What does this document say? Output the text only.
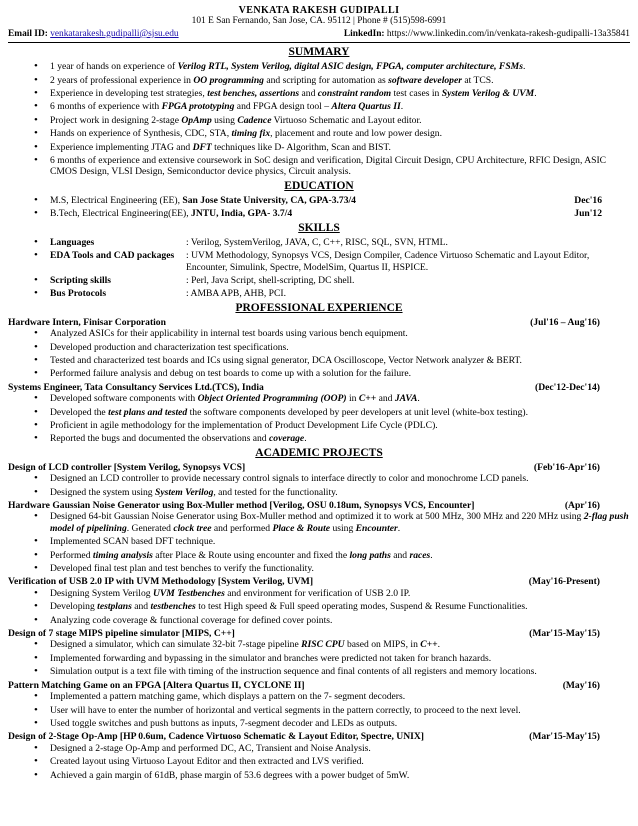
VENKATA RAKESH GUDIPALLI
101 E San Fernando, San Jose, CA. 95112 | Phone # (515)598-6991
Email ID: venkatarakesh.gudipalli@sjsu.edu	LinkedIn: https://www.linkedin.com/in/venkata-rakesh-gudipalli-13a35841
SUMMARY
• 1 year of hands on experience of Verilog RTL, System Verilog, digital ASIC design, FPGA, computer architecture, FSMs.
• 2 years of professional experience in OO programming and scripting for automation as software developer at TCS.
• Experience in developing test strategies, test benches, assertions and constraint random test cases in System Verilog & UVM.
• 6 months of experience with FPGA prototyping and FPGA design tool – Altera Quartus II.
• Project work in designing 2-stage OpAmp using Cadence Virtuoso Schematic and Layout editor.
• Hands on experience of Synthesis, CDC, STA, timing fix, placement and route and low power design.
• Experience implementing JTAG and DFT techniques like D- Algorithm, Scan and BIST.
• 6 months of experience and extensive coursework in SoC design and verification, Digital Circuit Design, CPU Architecture, RFIC Design, ASIC CMOS Design, VLSI Design, Semiconductor device physics, Circuit analysis.
EDUCATION
• M.S, Electrical Engineering (EE), San Jose State University, CA, GPA-3.73/4	Dec'16
• B.Tech, Electrical Engineering(EE), JNTU, India, GPA- 3.7/4	Jun'12
SKILLS
• Languages	: Verilog, SystemVerilog, JAVA, C, C++, RISC, SQL, SVN, HTML.
• EDA Tools and CAD packages	: UVM Methodology, Synopsys VCS, Design Compiler, Cadence Virtuoso Schematic and Layout Editor, Encounter, Simulink, Spectre, ModelSim, Quartus II, HSPICE.
• Scripting skills	: Perl, Java Script, shell-scripting, DC shell.
• Bus Protocols	: AMBA APB, AHB, PCI.
PROFESSIONAL EXPERIENCE
Hardware Intern, Finisar Corporation	(Jul'16 – Aug'16)
• Analyzed ASICs for their applicability in internal test boards using various bench equipment.
• Developed production and characterization test specifications.
• Tested and characterized test boards and ICs using signal generator, DCA Oscilloscope, Vector Network analyzer & BERT.
• Performed failure analysis and debug on test boards to come up with a solution for the failure.
Systems Engineer, Tata Consultancy Services Ltd.(TCS), India	(Dec'12-Dec'14)
• Developed software components with Object Oriented Programming (OOP) in C++ and JAVA.
• Developed the test plans and tested the software components developed by peer developers at unit level (white-box testing).
• Proficient in agile methodology for the implementation of Product Development Life Cycle (PDLC).
• Reported the bugs and documented the observations and coverage.
ACADEMIC PROJECTS
Design of LCD controller [System Verilog, Synopsys VCS]	(Feb'16-Apr'16)
• Designed an LCD controller to provide necessary control signals to interface directly to color and monochrome LCD panels.
• Designed the system using System Verilog, and tested for the functionality.
Hardware Gaussian Noise Generator using Box-Muller method [Verilog, OSU 0.18um, Synopsys VCS, Encounter]	(Apr'16)
• Designed 64-bit Gaussian Noise Generator using Box-Muller method and optimized it to work at 500 MHz, 300 MHz and 220 MHz using 2-flag push model of pipelining. Generated clock tree and performed Place & Route using Encounter.
• Implemented SCAN based DFT technique.
• Performed timing analysis after Place & Route using encounter and fixed the long paths and races.
• Developed final test plan and test benches to verify the functionality.
Verification of USB 2.0 IP with UVM Methodology [System Verilog, UVM]	(May'16-Present)
• Designing System Verilog UVM Testbenches and environment for verification of USB 2.0 IP.
• Developing testplans and testbenches to test High speed & Full speed operating modes, Suspend & Resume Functionalities.
• Analyzing code coverage & functional coverage for defined cover points.
Design of 7 stage MIPS pipeline simulator [MIPS, C++]	(Mar'15-May'15)
• Designed a simulator, which can simulate 32-bit 7-stage pipeline RISC CPU based on MIPS, in C++.
• Implemented forwarding and bypassing in the simulator and branches were predicted not taken for branch hazards.
• Simulation output is a text file with timing of the instruction sequence and final contents of all registers and memory locations.
Pattern Matching Game on an FPGA [Altera Quartus II, CYCLONE II]	(May'16)
• Implemented a pattern matching game, which displays a pattern on the 7- segment decoders.
• User will have to enter the number of horizontal and vertical segments in the pattern correctly, to proceed to the next level.
• Used toggle switches and push buttons as inputs, 7-segment decoder and LEDs as outputs.
Design of 2-Stage Op-Amp [HP 0.6um, Cadence Virtuoso Schematic & Layout Editor, Spectre, UNIX]	(Mar'15-May'15)
• Designed a 2-stage Op-Amp and performed DC, AC, Transient and Noise Analysis.
• Created layout using Virtuoso Layout Editor and then extracted and LVS verified.
• Achieved a gain margin of 61dB, phase margin of 53.6 degrees with a power budget of 5mW.
